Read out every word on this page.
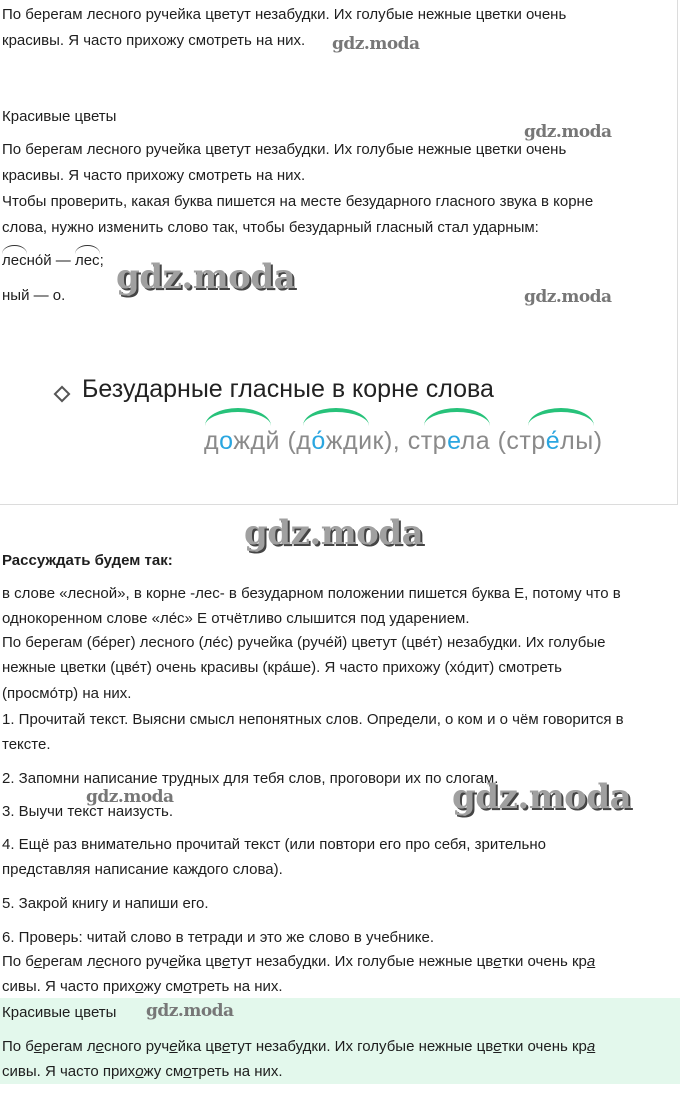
По берегам лесного ручейка цветут незабудки. Их голубые нежные цветки очень
красивы. Я часто прихожу смотреть на них.	gdz.moda
Красивые цветы
gdz.moda
По берегам лесного ручейка цветут незабудки. Их голубые нежные цветки очень
красивы. Я часто прихожу смотреть на них.
Чтобы проверить, какая буква пишется на месте безударного гласного звука в корне
слова, нужно изменить слово так, чтобы безударный гласный стал ударным:
лесно́й — лес;
ный — о.	gdz.moda	gdz.moda
Безударные гласные в корне слова
дождй (до́ждик), стрела (стре́лы)
Рассуждать будем так:
gdz.moda
в слове «лесной», в корне -лес- в безударном положении пишется буква Е, потому что в
однокоренном слове «ле́с» Е отчётливо слышится под ударением.
По берегам (бе́рег) лесного (ле́с) ручейка (руче́й) цветут (цве́т) незабудки. Их голубые
нежные цветки (цве́т) очень красивы (кра́ше). Я часто прихожу (хо́дит) смотреть
(просмо́тр) на них.
1. Прочитай текст. Выясни смысл непонятных слов. Определи, о ком и о чём говорится в
тексте.
2. Запомни написание трудных для тебя слов, проговори их по слогам.
gdz.moda
3. Выучи текст наизусть.	gdz.moda
4. Ещё раз внимательно прочитай текст (или повтори его про себя, зрительно
представляя написание каждого слова).
5. Закрой книгу и напиши его.
6. Проверь: читай слово в тетради и это же слово в учебнике.
По берегам лесного ручейка цветут незабудки. Их голубые нежные цветки очень кра
сивы. Я часто прихожу смотреть на них.
Красивые цветы	gdz.moda
По берегам лесного ручейка цветут незабудки. Их голубые нежные цветки очень кра
сивы. Я часто прихожу смотреть на них.
